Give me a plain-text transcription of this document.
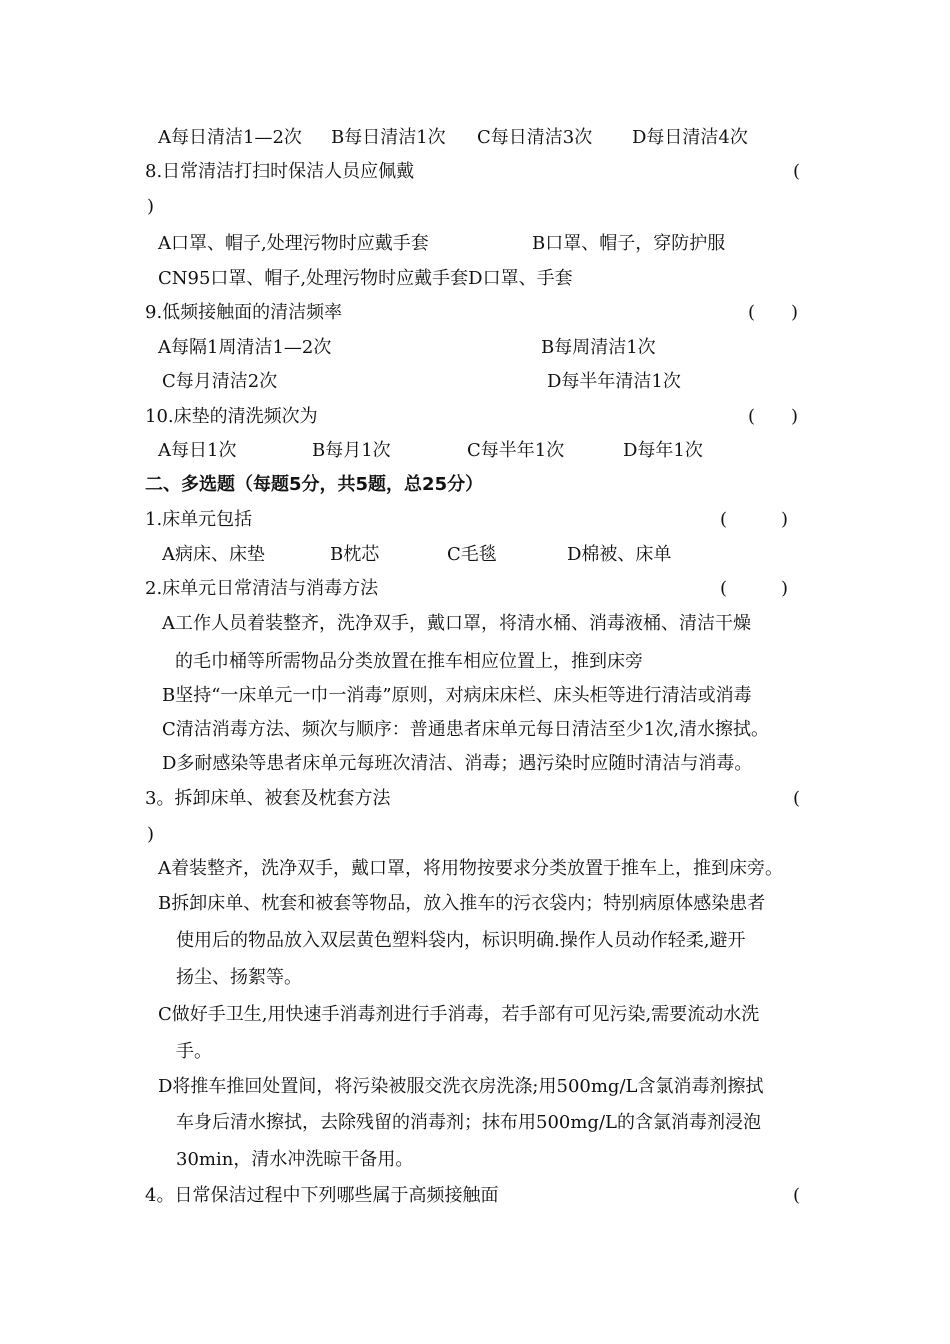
A每日清洁1—2次 B每日清洁1次 C每日清洁3次 D每日清洁4次
8.日常清洁打扫时保洁人员应佩戴	(
)
A口罩、帽子,处理污物时应戴手套	B口罩、帽子，穿防护服
CN95口罩、帽子,处理污物时应戴手套D口罩、手套
9.低频接触面的清洁频率	(　　)
A每隔1周清洁1—2次	B每周清洁1次
C每月清洁2次	D每半年清洁1次
10.床垫的清洗频次为	(　　)
A每日1次	B每月1次	C每半年1次	D每年1次
二、多选题（每题5分，共5题，总25分）
1.床单元包括	(　　　)
A病床、床垫	B枕芯	C毛毯	D棉被、床单
2.床单元日常清洁与消毒方法	(　　　)
A工作人员着装整齐，洗净双手，戴口罩，将清水桶、消毒液桶、清洁干燥
的毛巾桶等所需物品分类放置在推车相应位置上，推到床旁
B坚持“一床单元一巾一消毒”原则，对病床床栏、床头柜等进行清洁或消毒
C清洁消毒方法、频次与顺序：普通患者床单元每日清洁至少1次,清水擦拭。
D多耐感染等患者床单元每班次清洁、消毒；遇污染时应随时清洁与消毒。
3。拆卸床单、被套及枕套方法	(
)
A着装整齐，洗净双手，戴口罩，将用物按要求分类放置于推车上，推到床旁。
B拆卸床单、枕套和被套等物品，放入推车的污衣袋内；特别病原体感染患者
使用后的物品放入双层黄色塑料袋内，标识明确.操作人员动作轻柔,避开
扬尘、扬絮等。
C做好手卫生,用快速手消毒剂进行手消毒，若手部有可见污染,需要流动水洗
手。
D将推车推回处置间，将污染被服交洗衣房洗涤;用500mg/L含氯消毒剂擦拭
车身后清水擦拭，去除残留的消毒剂；抹布用500mg/L的含氯消毒剂浸泡
30min，清水冲洗晾干备用。
4。日常保洁过程中下列哪些属于高频接触面	(
